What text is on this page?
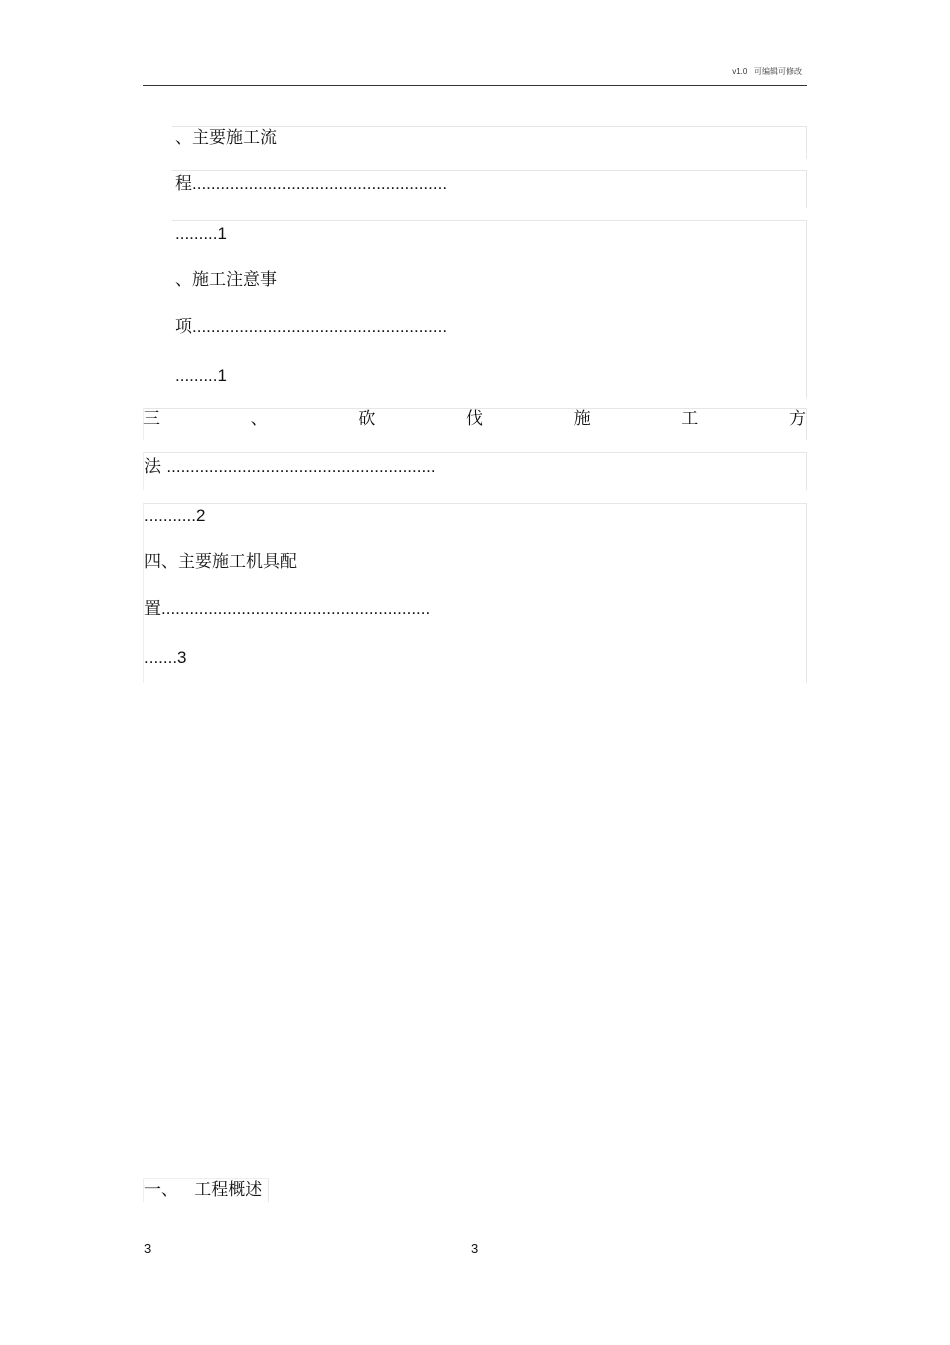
v1.0 可编辑可修改
、主要施工流
程......................................................
.........1
、施工注意事
项......................................................
.........1
三	、	砍	伐	施	工	方
法 .........................................................
...........2
四、主要施工机具配
置.........................................................
.......3
一、 工程概述
3	3
